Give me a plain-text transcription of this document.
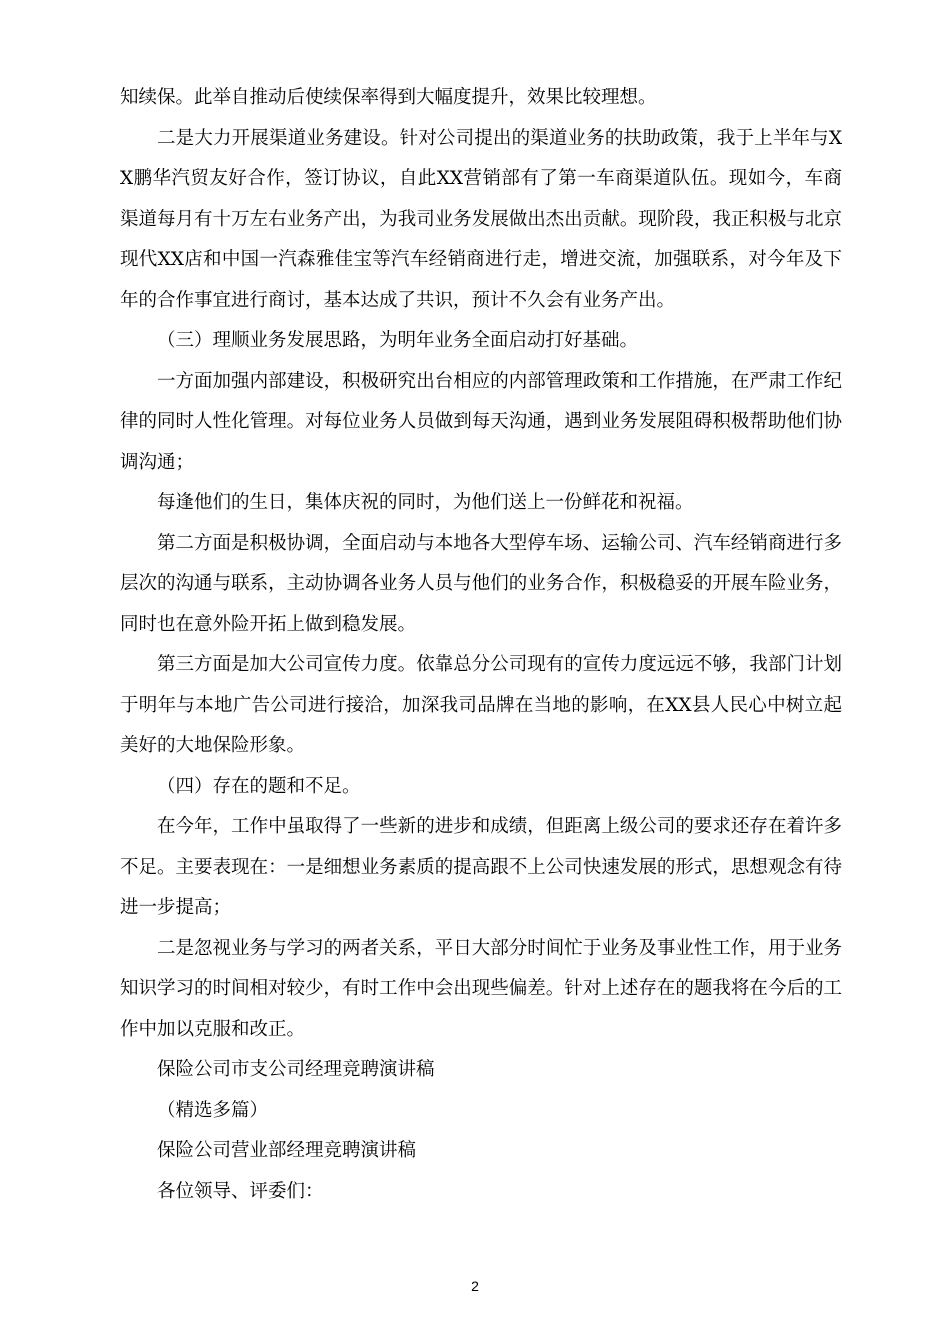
知续保。此举自推动后使续保率得到大幅度提升，效果比较理想。

二是大力开展渠道业务建设。针对公司提出的渠道业务的扶助政策，我于上半年与XX鹏华汽贸友好合作，签订协议，自此XX营销部有了第一车商渠道队伍。现如今，车商渠道每月有十万左右业务产出，为我司业务发展做出杰出贡献。现阶段，我正积极与北京现代XX店和中国一汽森雅佳宝等汽车经销商进行走，增进交流，加强联系，对今年及下年的合作事宜进行商讨，基本达成了共识，预计不久会有业务产出。

（三）理顺业务发展思路，为明年业务全面启动打好基础。

一方面加强内部建设，积极研究出台相应的内部管理政策和工作措施，在严肃工作纪律的同时人性化管理。对每位业务人员做到每天沟通，遇到业务发展阻碍积极帮助他们协调沟通；

每逢他们的生日，集体庆祝的同时，为他们送上一份鲜花和祝福。

第二方面是积极协调，全面启动与本地各大型停车场、运输公司、汽车经销商进行多层次的沟通与联系，主动协调各业务人员与他们的业务合作，积极稳妥的开展车险业务，同时也在意外险开拓上做到稳发展。

第三方面是加大公司宣传力度。依靠总分公司现有的宣传力度远远不够，我部门计划于明年与本地广告公司进行接洽，加深我司品牌在当地的影响，在XX县人民心中树立起美好的大地保险形象。

（四）存在的题和不足。

在今年，工作中虽取得了一些新的进步和成绩，但距离上级公司的要求还存在着许多不足。主要表现在：一是细想业务素质的提高跟不上公司快速发展的形式，思想观念有待进一步提高；

二是忽视业务与学习的两者关系，平日大部分时间忙于业务及事业性工作，用于业务知识学习的时间相对较少，有时工作中会出现些偏差。针对上述存在的题我将在今后的工作中加以克服和改正。

保险公司市支公司经理竞聘演讲稿

（精选多篇）

保险公司营业部经理竞聘演讲稿

各位领导、评委们：

2
